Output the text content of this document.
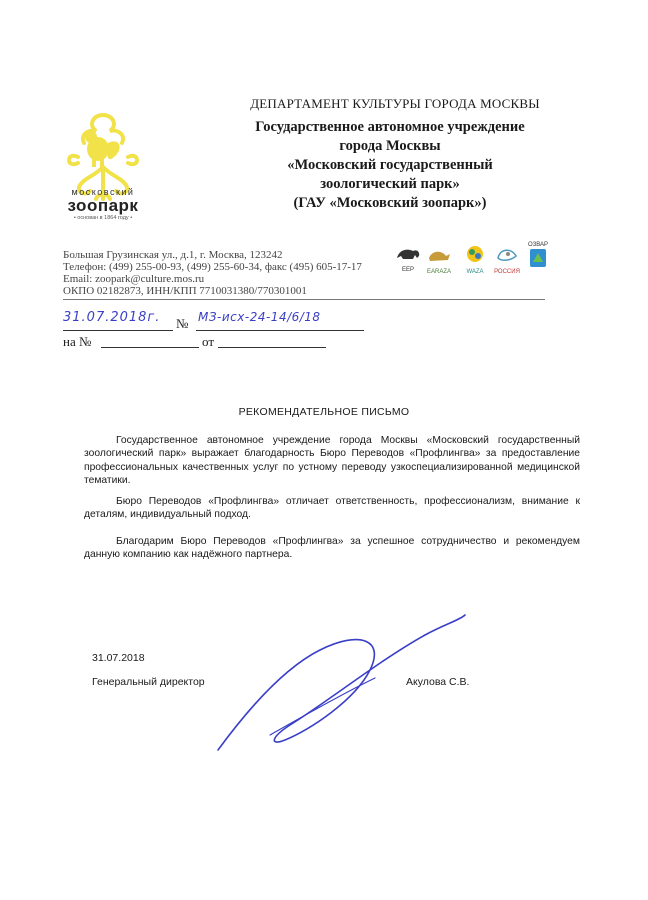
московский
зоопарк
• основан в 1864 году •
ДЕПАРТАМЕНТ КУЛЬТУРЫ ГОРОДА МОСКВЫ
Государственное автономное учреждение
города Москвы
«Московский государственный
зоологический парк»
(ГАУ «Московский зоопарк»)
Большая Грузинская ул., д.1, г. Москва, 123242
Телефон: (499) 255-00-93, (499) 255-60-34, факс (495) 605-17-17
Email: zoopark@culture.mos.ru
ОКПО 02182873, ИНН/КПП 7710031380/770301001
EEP	EARAZA	WAZA	РОССИЯ
ОЗВАР
31.07.2018г. № МЗ-исх-24-14/6/18
на №	от
РЕКОМЕНДАТЕЛЬНОЕ ПИСЬМО
Государственное автономное учреждение города Москвы «Московский государственный зоологический парк» выражает благодарность Бюро Переводов «Профлингва» за предоставление профессиональных качественных услуг по устному переводу узкоспециализированной медицинской тематики.
Бюро Переводов «Профлингва» отличает ответственность, профессионализм, внимание к деталям, индивидуальный подход.
Благодарим Бюро Переводов «Профлингва» за успешное сотрудничество и рекомендуем данную компанию как надёжного партнера.
31.07.2018
Генеральный директор	Акулова С.В.
